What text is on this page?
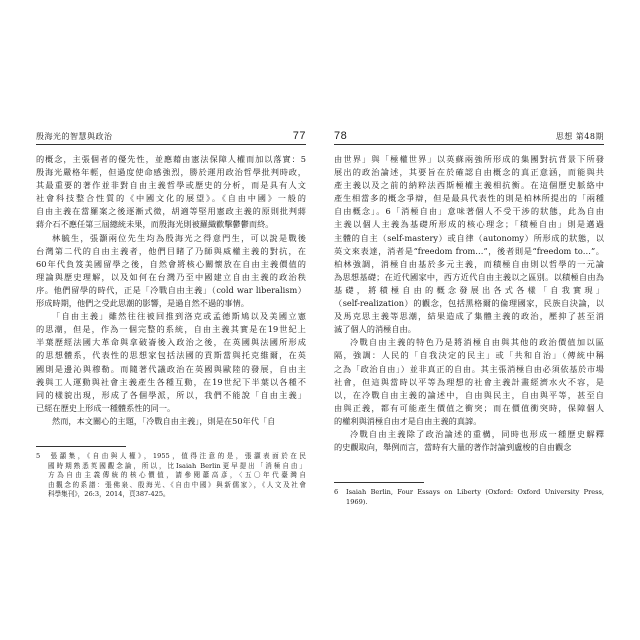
殷海光的智慧與政治	77
的概念，主張個者的優先性，並應藉由憲法保障人權而加以落實：5
殷海光嚴格年輕，但過度使命感強烈，勝於運用政治哲學批判時政，
其最重要的著作並非對自由主義哲學或歷史的分析，而是具有人文
社會科技整合性質的《中國文化的展望》。《自由中國》一般的
自由主義在當羅案之後逐漸式微，胡適等堅用憲政主義的原則批判蔣
蔣介石不應任第三屆總統未果，而殷海光則被羅織歡擊鬱鬱而終。
林毓生，張灝兩位先生均為殷海光之得意門生，可以說是戰後
台灣第二代的自由主義者，他們目睹了乃師與威權主義的對抗，在
60年代負笈美國留學之後，自然會將核心關懷放在自由主義價值的
理論與歷史理解，以及如何在台灣乃至中國建立自由主義的政治秩
序。他們留學的時代，正是「冷戰自由主義」（cold war liberalism）
形成時期，他們之受此思潮的影響，是過自然不過的事情。
「自由主義」雖然往往被回推到洛克或孟德斯鳩以及美國立憲
的思潮，但是，作為一個完整的系統，自由主義其實是在19世紀上
半葉歷經法國大革命與拿破崙後入政治之後，在英國與法國所形成
的思想體系，代表性的思想家包括法國的貢斯當與托克維爾，在英
國則是邊沁與穆勒。而隨著代議政治在英國與歐陸的發展，自由主
義與工人運動與社會主義產生各種互動，在19世紀下半葉以各種不
同的樣貌出現，形成了各個學派，所以，我們不能說「自由主義」
已經在歷史上形成一種體系性的同一。
然而，本文關心的主題，「冷戰自由主義」，則是在50年代「自
5 張灝集，《自由與人權》，1955，值得注意的是，張灝表面於在民
國時期熟悉英國觀念論，所以，比Isaiah Berlin更早提出「消極自由」
方為自由主義傳統的核心價值，請參閱蕭高彥，〈五〇年代臺灣自
由觀念的系譜：張佛泉、殷海光、《自由中國》與新儒家〉，《人文及社會
科學集刊》，26:3，2014，頁387-425。
78	思想 第48期
由世界」與「極權世界」以英蘇兩強所形成的集團對抗背景下所發
展出的政治論述，其要旨在於確認自由概念的真正意涵，而能與共
產主義以及之前的納粹法西斯極權主義相抗衡。在這個歷史脈絡中
產生相當多的概念爭辯，但是最具代表性的則是柏林所提出的「兩種
自由概念」。6「消極自由」意味著個人不受干涉的狀態，此為自由
主義以個人主義為基礎所形成的核心理念；「積極自由」則是邁過
主體的自主（self-mastery）或自律（autonomy）所形成的狀態，以
英文來表達，消者是“freedom from…”，後者則是“freedom to…”。
柏林強調，消極自由基於多元主義，而積極自由則以哲學的一元論
為思想基礎；在近代國家中，西方近代自由主義以之區別。以積極自由為
基礎，將積極自由的概念發展出各式各樣「自我實現」
（self-realization）的觀念，包括黑格爾的倫理國家，民族自決論，以
及馬克思主義等思潮，結果造成了集體主義的政治，壓抑了甚至消
滅了個人的消極自由。
冷戰自由主義的特色乃是將消極自由與其他的政治價值加以區
隔，強調：人民的「自我決定的民主」或「共和自治」（傳統中稱
之為「政治自由」）並非真正的自由。其主張消極自由必須依基於市場
社會，但這與當時以平等為理想的社會主義計畫經濟水火不容，是
以，在冷戰自由主義的論述中，自由與民主，自由與平等，甚至自
由與正義，都有可能產生價值之衝突；而在價值衝突時，保障個人
的權利與消極自由才是自由主義的真諦。
冷戰自由主義除了政治論述的重構，同時也形成一種歷史解釋
的史觀取向，舉例而言，當時有大量的著作討論到盧梭的自由觀念
6 Isaiah Berlin, Four Essays on Liberty (Oxford: Oxford University Press,
1969).
